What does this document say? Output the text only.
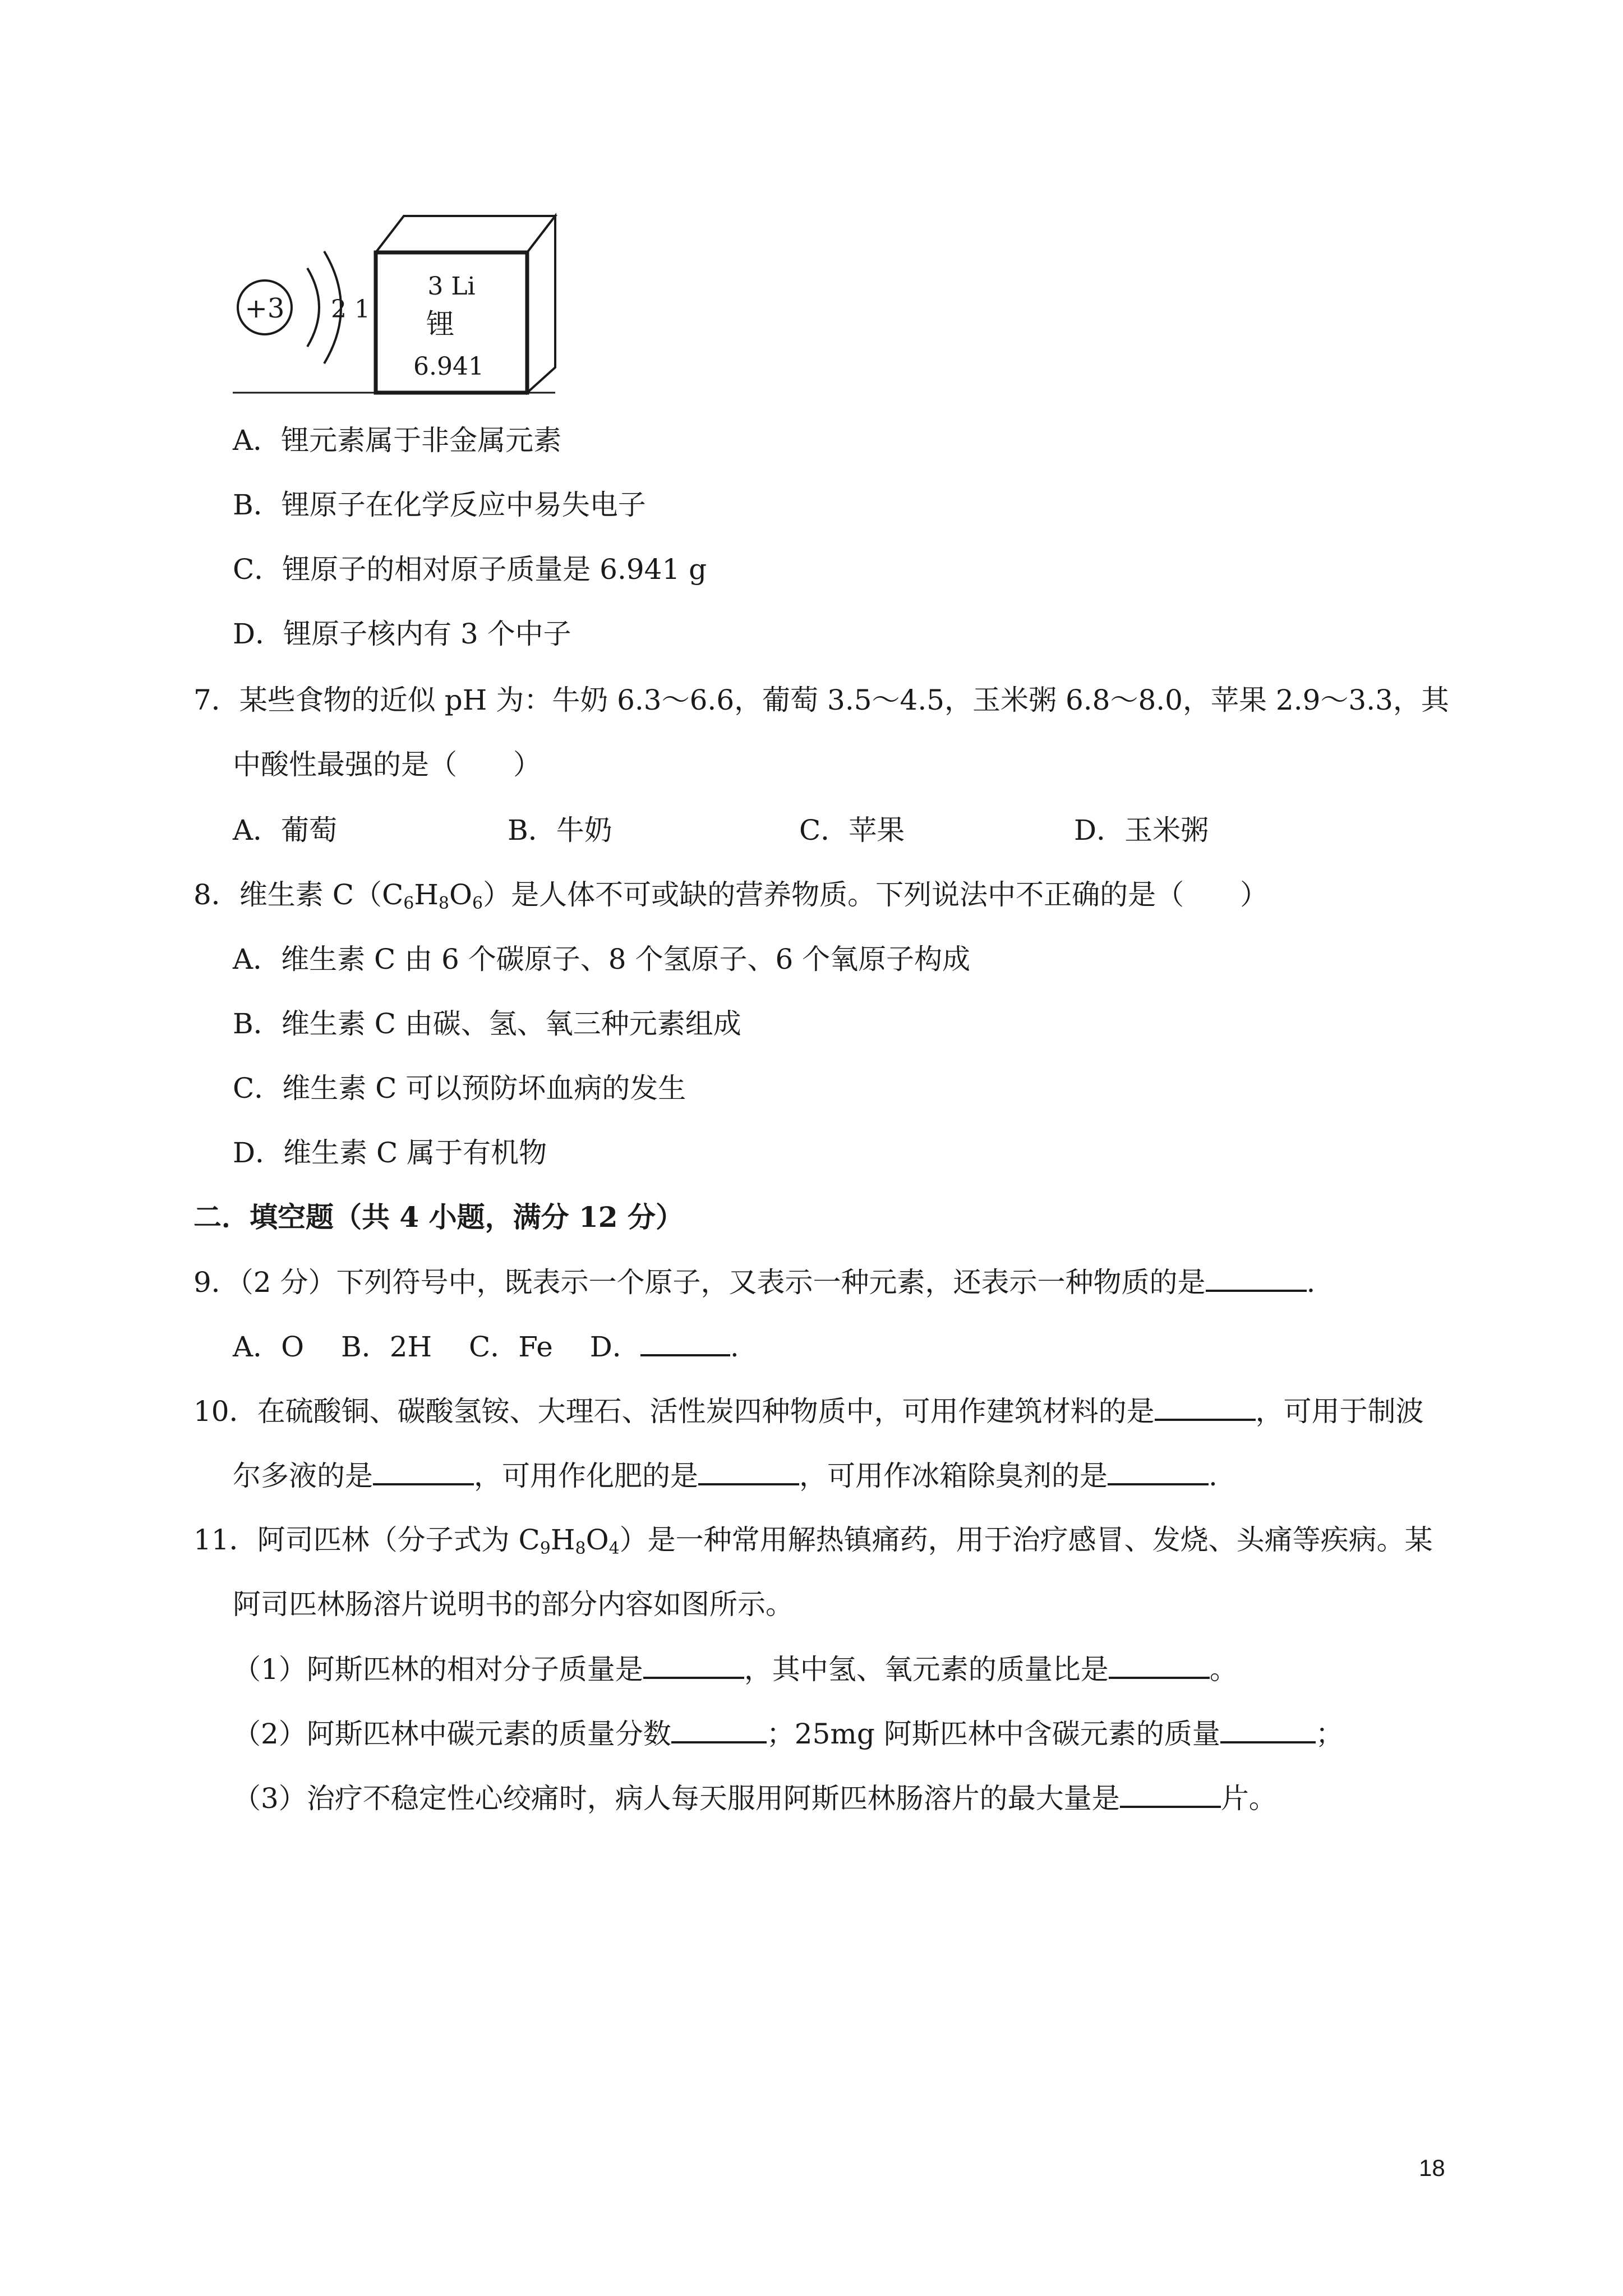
+3 2 1
3 Li
锂
6.941
A．锂元素属于非金属元素
B．锂原子在化学反应中易失电子
C．锂原子的相对原子质量是 6.941 g
D．锂原子核内有 3 个中子
7．某些食物的近似 pH 为：牛奶 6.3～6.6，葡萄 3.5～4.5，玉米粥 6.8～8.0，苹果 2.9～3.3，其
中酸性最强的是（　　）
A．葡萄	B．牛奶	C．苹果	D．玉米粥
8．维生素 $C(C_6H_8O_6)$是人体不可或缺的营养物质。下列说法中不正确的是（　　）
A．维生素 C 由 6 个碳原子、8 个氢原子、6 个氧原子构成
B．维生素 C 由碳、氢、氧三种元素组成
C．维生素 C 可以预防坏血病的发生
D．维生素 C 属于有机物
二．填空题（共 4 小题，满分 12 分）
9．（2 分）下列符号中，既表示一个原子，又表示一种元素，还表示一种物质的是	.
A．O　 B．2H　 C．Fe　 D．	.
10．在硫酸铜、碳酸氢铵、大理石、活性炭四种物质中，可用作建筑材料的是	，可用于制波
尔多液的是	，可用作化肥的是	，可用作冰箱除臭剂的是	.
11．阿司匹林（分子式为 $C_9H_8O_4$）是一种常用解热镇痛药，用于治疗感冒、发烧、头痛等疾病。某
阿司匹林肠溶片说明书的部分内容如图所示。
（1）阿斯匹林的相对分子质量是	，其中氢、氧元素的质量比是	。
（2）阿斯匹林中碳元素的质量分数	；25mg 阿斯匹林中含碳元素的质量	；
（3）治疗不稳定性心绞痛时，病人每天服用阿斯匹林肠溶片的最大量是	片。
18
